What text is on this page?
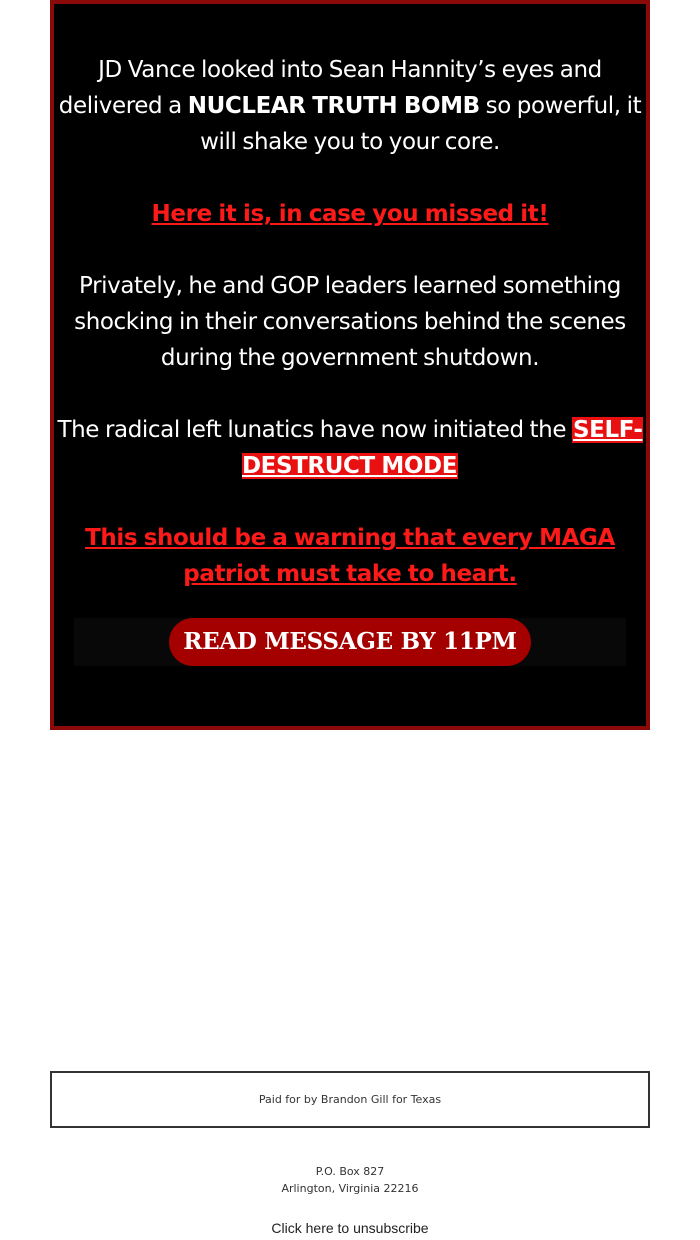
JD Vance looked into Sean Hannity’s eyes and delivered a NUCLEAR TRUTH BOMB so powerful, it will shake you to your core.

Here it is, in case you missed it!

Privately, he and GOP leaders learned something shocking in their conversations behind the scenes during the government shutdown.

The radical left lunatics have now initiated the SELF-DESTRUCT MODE

This should be a warning that every MAGA patriot must take to heart.

READ MESSAGE BY 11PM
Paid for by Brandon Gill for Texas
P.O. Box 827
Arlington, Virginia 22216
Click here to unsubscribe
